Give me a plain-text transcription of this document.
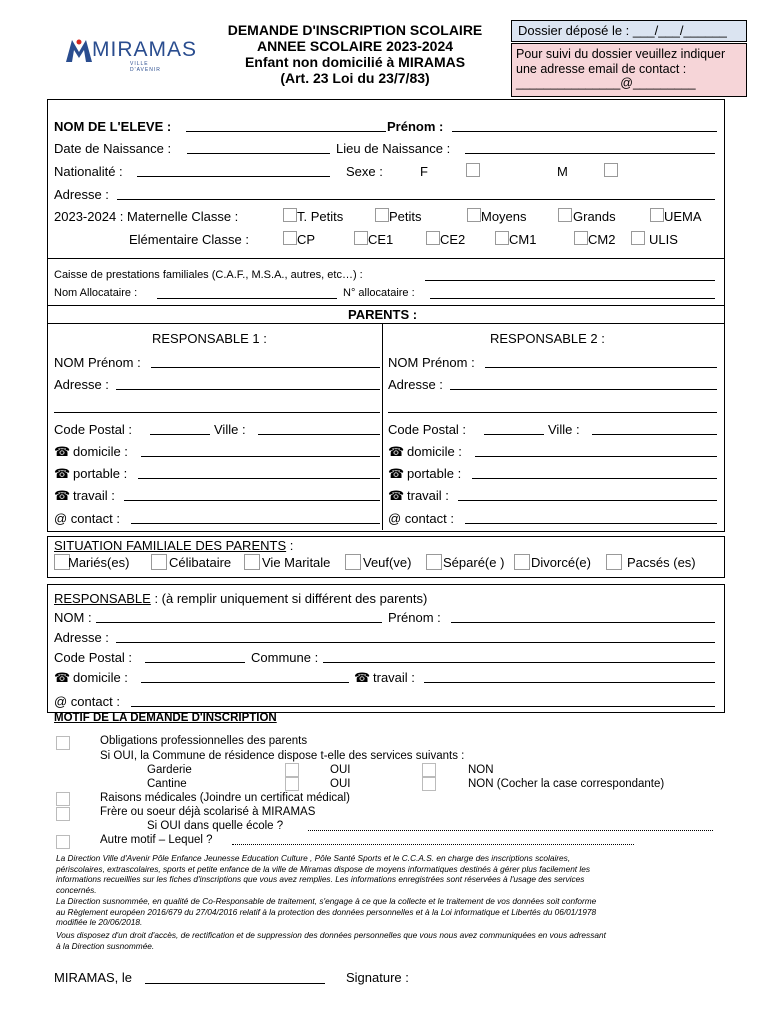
MIRAMAS
VILLE D'AVENIR
DEMANDE D'INSCRIPTION SCOLAIRE
ANNEE SCOLAIRE 2023-2024
Enfant non domicilié à MIRAMAS
(Art. 23 Loi du 23/7/83)
Dossier déposé le : ___/___/______
Pour suivi du dossier veuillez indiquer
une adresse email de contact :
_______________@_________
NOM DE L'ELEVE :	Prénom :
Date de Naissance :	Lieu de Naissance :
Nationalité :	Sexe :	F	M
Adresse :
2023-2024 : Maternelle Classe :	T. Petits	Petits	Moyens	Grands	UEMA
Elémentaire Classe :	CP	CE1	CE2	CM1	CM2	ULIS
Caisse de prestations familiales (C.A.F., M.S.A., autres, etc…) :
Nom Allocataire :	N° allocataire :
PARENTS :
RESPONSABLE 1 :	RESPONSABLE 2 :
NOM Prénom :
Adresse :
Code Postal :	Ville :
☎ domicile :
☎ portable :
☎ travail :
@ contact :
NOM Prénom :
Adresse :
Code Postal :	Ville :
☎ domicile :
☎ portable :
☎ travail :
@ contact :
SITUATION FAMILIALE DES PARENTS :
Mariés(es)	Célibataire Vie Maritale	Veuf(ve) Séparé(e ) Divorcé(e)	Pacsés (es)
RESPONSABLE : (à remplir uniquement si différent des parents)
NOM :	Prénom :
Adresse :
Code Postal :	Commune :
☎ domicile :	☎ travail :
@ contact :
MOTIF DE LA DEMANDE D'INSCRIPTION
Obligations professionnelles des parents
Si OUI, la Commune de résidence dispose t-elle des services suivants :
Garderie	OUI	NON
Cantine	OUI	NON (Cocher la case correspondante)
Raisons médicales (Joindre un certificat médical)
Frère ou soeur déjà scolarisé à MIRAMAS
Si OUI dans quelle école ?
Autre motif – Lequel ?
La Direction Ville d'Avenir Pôle Enfance Jeunesse Education Culture , Pôle Santé Sports et le C.C.A.S. en charge des inscriptions scolaires,
périscolaires, extrascolaires, sports et petite enfance de la ville de Miramas dispose de moyens informatiques destinés à gérer plus facilement les
informations recueillies sur les fiches d'inscriptions que vous avez remplies. Les informations enregistrées sont réservées à l'usage des services
concernés.
La Direction susnommée, en qualité de Co-Responsable de traitement, s'engage à ce que la collecte et le traitement de vos données soit conforme
au Règlement européen 2016/679 du 27/04/2016 relatif à la protection des données personnelles et à la Loi informatique et Libertés du 06/01/1978
modifiée le 20/06/2018.
Vous disposez d'un droit d'accès, de rectification et de suppression des données personnelles que vous nous avez communiquées en vous adressant
à la Direction susnommée.
MIRAMAS, le	Signature :
